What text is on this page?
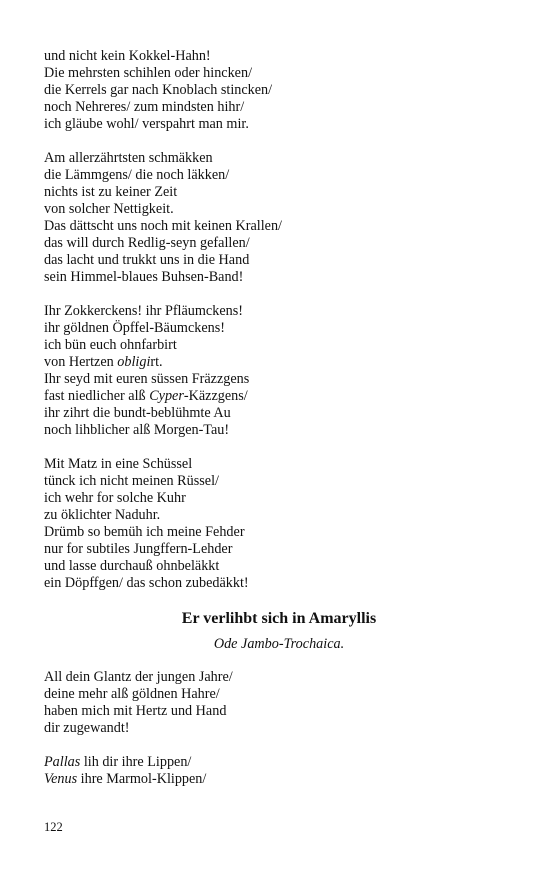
und nicht kein Kokkel-Hahn!
Die mehrsten schihlen oder hincken/
die Kerrels gar nach Knoblach stincken/
noch Nehreres/ zum mindsten hihr/
ich gläube wohl/ verspahrt man mir.
Am allerzährtsten schmäkken
die Lämmgens/ die noch läkken/
nichts ist zu keiner Zeit
von solcher Nettigkeit.
Das dättscht uns noch mit keinen Krallen/
das will durch Redlig-seyn gefallen/
das lacht und trukkt uns in die Hand
sein Himmel-blaues Buhsen-Band!
Ihr Zokkerckens! ihr Pfläumckens!
ihr göldnen Öpffel-Bäumckens!
ich bün euch ohnfarbirt
von Hertzen obligirt.
Ihr seyd mit euren süssen Fräzzgens
fast niedlicher alß Cyper-Käzzgens/
ihr zihrt die bundt-beblühmte Au
noch lihblicher alß Morgen-Tau!
Mit Matz in eine Schüssel
tünck ich nicht meinen Rüssel/
ich wehr for solche Kuhr
zu öklichter Naduhr.
Drümb so bemüh ich meine Fehder
nur for subtiles Jungffern-Lehder
und lasse durchauß ohnbeläkkt
ein Döpffgen/ das schon zubedäkkt!
Er verlihbt sich in Amaryllis
Ode Jambo-Trochaica.
All dein Glantz der jungen Jahre/
deine mehr alß göldnen Hahre/
haben mich mit Hertz und Hand
dir zugewandt!
Pallas lih dir ihre Lippen/
Venus ihre Marmol-Klippen/
122
